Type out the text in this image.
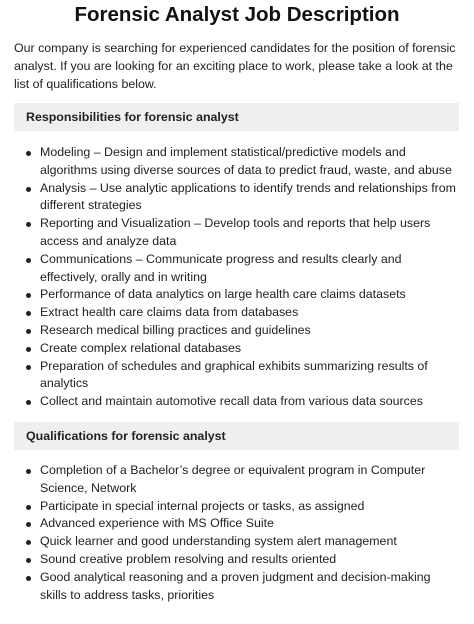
Forensic Analyst Job Description

Our company is searching for experienced candidates for the position of forensic analyst. If you are looking for an exciting place to work, please take a look at the list of qualifications below.

Responsibilities for forensic analyst
Modeling – Design and implement statistical/predictive models and algorithms using diverse sources of data to predict fraud, waste, and abuse
Analysis – Use analytic applications to identify trends and relationships from different strategies
Reporting and Visualization – Develop tools and reports that help users access and analyze data
Communications – Communicate progress and results clearly and effectively, orally and in writing
Performance of data analytics on large health care claims datasets
Extract health care claims data from databases
Research medical billing practices and guidelines
Create complex relational databases
Preparation of schedules and graphical exhibits summarizing results of analytics
Collect and maintain automotive recall data from various data sources
Qualifications for forensic analyst
Completion of a Bachelor’s degree or equivalent program in Computer Science, Network
Participate in special internal projects or tasks, as assigned
Advanced experience with MS Office Suite
Quick learner and good understanding system alert management
Sound creative problem resolving and results oriented
Good analytical reasoning and a proven judgment and decision-making skills to address tasks, priorities
